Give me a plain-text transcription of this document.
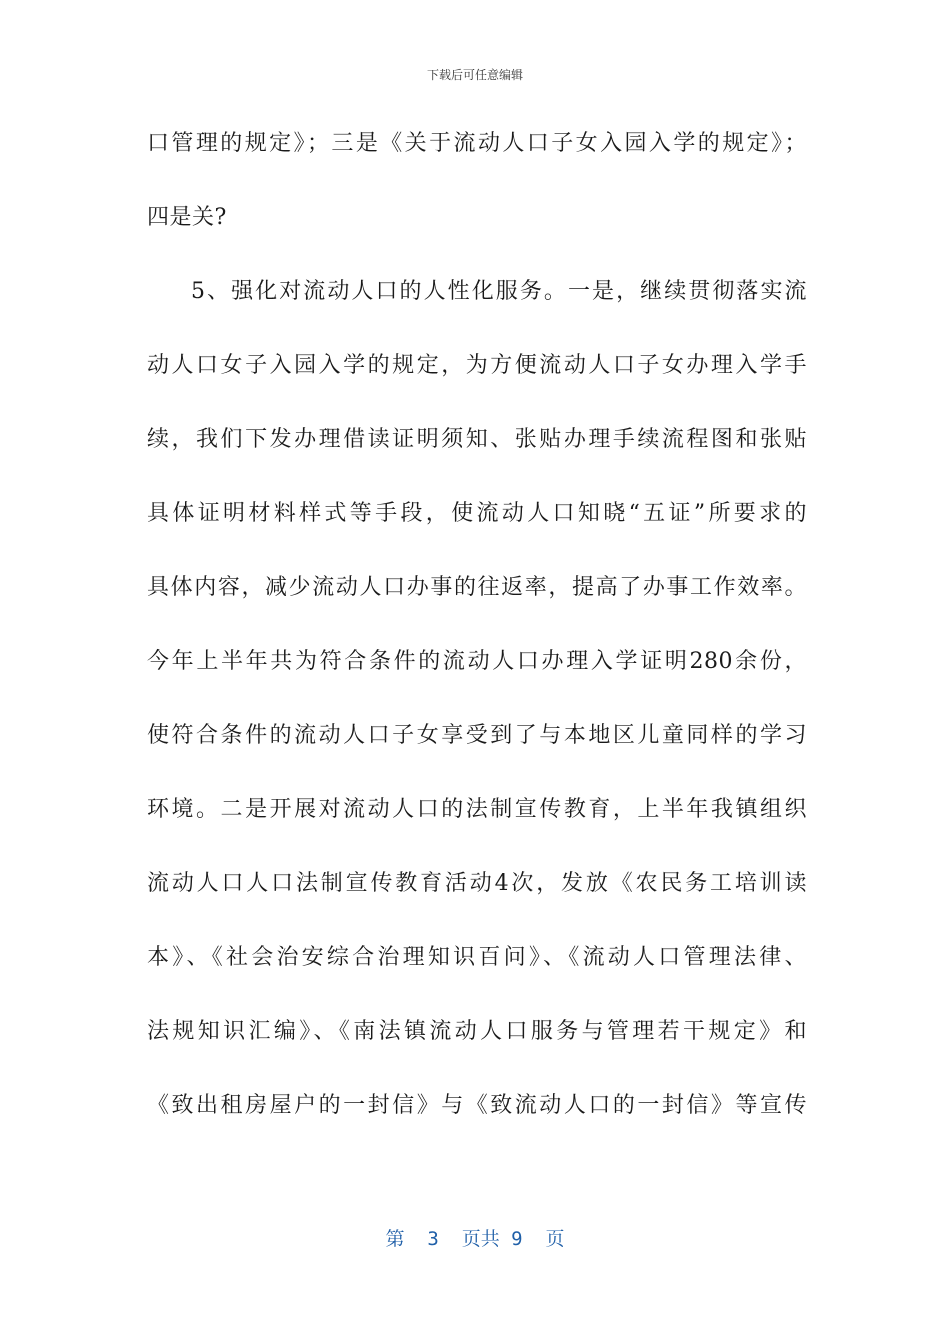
下载后可任意编辑
口管理的规定》；三是《关于流动人口子女入园入学的规定》；
四是关?
5、强化对流动人口的人性化服务。一是，继续贯彻落实流
动人口女子入园入学的规定，为方便流动人口子女办理入学手
续，我们下发办理借读证明须知、张贴办理手续流程图和张贴
具体证明材料样式等手段，使流动人口知晓“五证”所要求的
具体内容，减少流动人口办事的往返率，提高了办事工作效率。
今年上半年共为符合条件的流动人口办理入学证明280余份，
使符合条件的流动人口子女享受到了与本地区儿童同样的学习
环境。二是开展对流动人口的法制宣传教育，上半年我镇组织
流动人口人口法制宣传教育活动4次，发放《农民务工培训读
本》、《社会治安综合治理知识百问》、《流动人口管理法律、
法规知识汇编》、《南法镇流动人口服务与管理若干规定》和
《致出租房屋户的一封信》与《致流动人口的一封信》等宣传
第  3  页共 9  页
